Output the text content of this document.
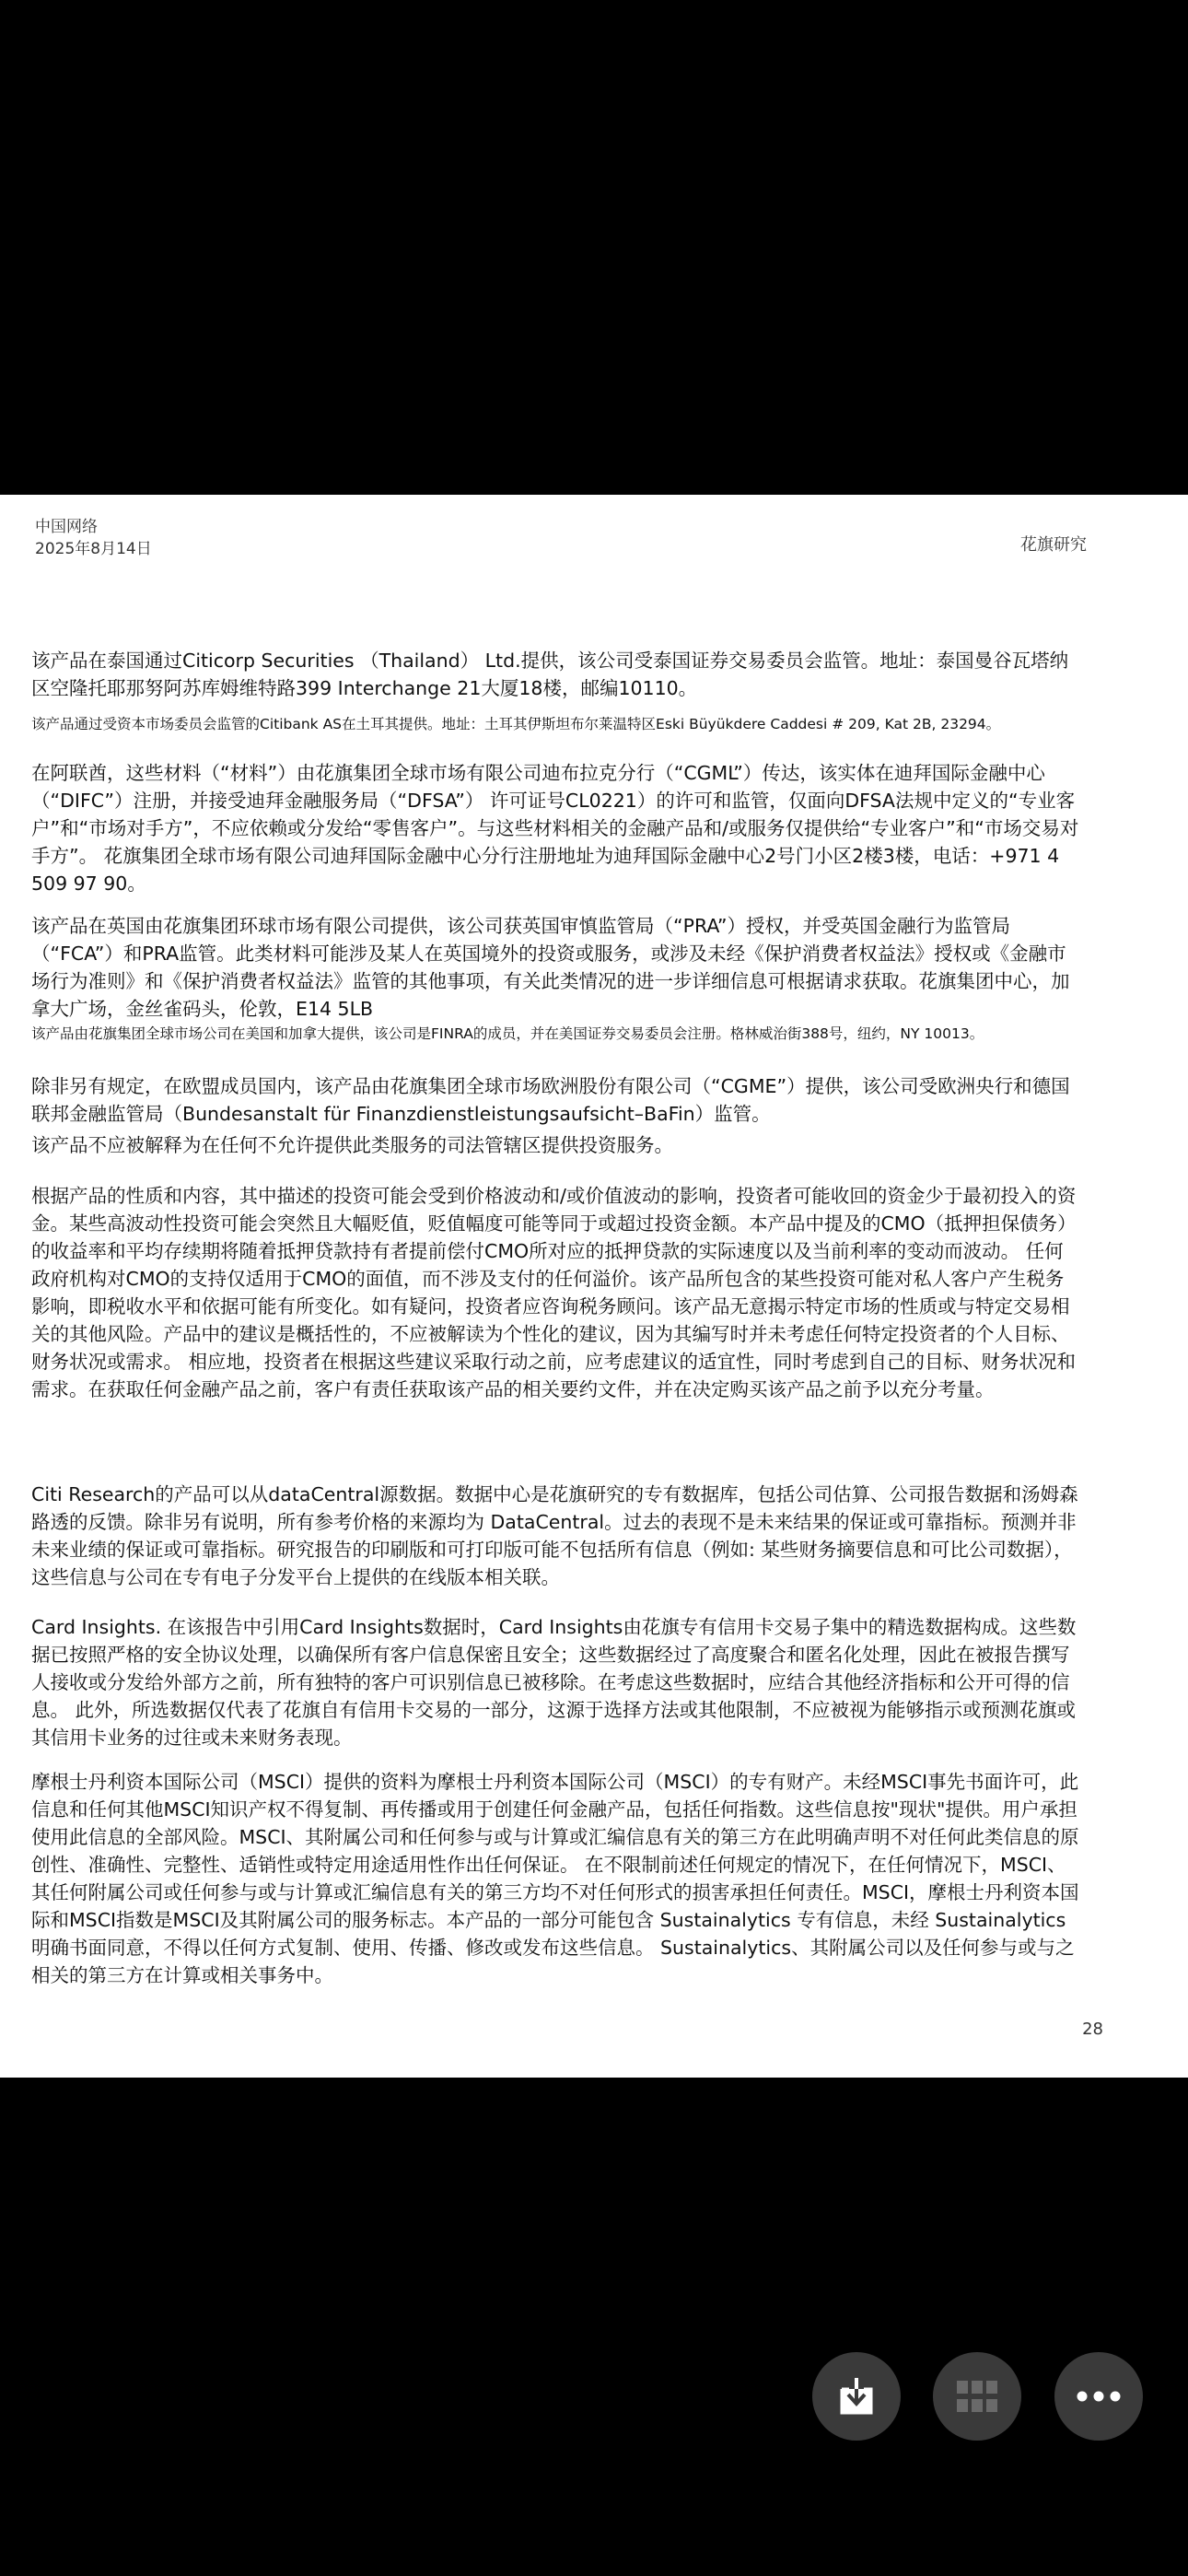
中国网络
2025年8月14日	花旗研究

该产品在泰国通过Citicorp Securities （Thailand） Ltd.提供，该公司受泰国证券交易委员会监管。地址：泰国曼谷瓦塔纳区空隆托耶那努阿苏库姆维特路399 Interchange 21大厦18楼，邮编10110。

该产品通过受资本市场委员会监管的Citibank AS在土耳其提供。地址：土耳其伊斯坦布尔莱温特区Eski Büyükdere Caddesi # 209, Kat 2B, 23294。

在阿联酋，这些材料（“材料”）由花旗集团全球市场有限公司迪布拉克分行（“CGML”）传达，该实体在迪拜国际金融中心（“DIFC”）注册，并接受迪拜金融服务局（“DFSA”） 许可证号CL0221）的许可和监管，仅面向DFSA法规中定义的“专业客户”和“市场对手方”，不应依赖或分发给“零售客户”。与这些材料相关的金融产品和/或服务仅提供给“专业客户”和“市场交易对手方”。 花旗集团全球市场有限公司迪拜国际金融中心分行注册地址为迪拜国际金融中心2号门小区2楼3楼，电话：+971 4 509 97 90。

该产品在英国由花旗集团环球市场有限公司提供，该公司获英国审慎监管局（“PRA”）授权，并受英国金融行为监管局（“FCA”）和PRA监管。此类材料可能涉及某人在英国境外的投资或服务，或涉及未经《保护消费者权益法》授权或《金融市场行为准则》和《保护消费者权益法》监管的其他事项，有关此类情况的进一步详细信息可根据请求获取。花旗集团中心，加拿大广场，金丝雀码头，伦敦，E14 5LB

该产品由花旗集团全球市场公司在美国和加拿大提供，该公司是FINRA的成员，并在美国证券交易委员会注册。格林威治街388号，纽约，NY 10013。

除非另有规定，在欧盟成员国内，该产品由花旗集团全球市场欧洲股份有限公司（“CGME”）提供，该公司受欧洲央行和德国联邦金融监管局（Bundesanstalt für Finanzdienstleistungsaufsicht–BaFin）监管。

该产品不应被解释为在任何不允许提供此类服务的司法管辖区提供投资服务。

根据产品的性质和内容，其中描述的投资可能会受到价格波动和/或价值波动的影响，投资者可能收回的资金少于最初投入的资金。某些高波动性投资可能会突然且大幅贬值，贬值幅度可能等同于或超过投资金额。本产品中提及的CMO（抵押担保债务）的收益率和平均存续期将随着抵押贷款持有者提前偿付CMO所对应的抵押贷款的实际速度以及当前利率的变动而波动。 任何政府机构对CMO的支持仅适用于CMO的面值，而不涉及支付的任何溢价。该产品所包含的某些投资可能对私人客户产生税务影响，即税收水平和依据可能有所变化。如有疑问，投资者应咨询税务顾问。该产品无意揭示特定市场的性质或与特定交易相关的其他风险。产品中的建议是概括性的，不应被解读为个性化的建议，因为其编写时并未考虑任何特定投资者的个人目标、财务状况或需求。 相应地，投资者在根据这些建议采取行动之前，应考虑建议的适宜性，同时考虑到自己的目标、财务状况和需求。在获取任何金融产品之前，客户有责任获取该产品的相关要约文件，并在决定购买该产品之前予以充分考量。

Citi Research的产品可以从dataCentral源数据。数据中心是花旗研究的专有数据库，包括公司估算、公司报告数据和汤姆森路透的反馈。除非另有说明，所有参考价格的来源均为 DataCentral。过去的表现不是未来结果的保证或可靠指标。预测并非未来业绩的保证或可靠指标。研究报告的印刷版和可打印版可能不包括所有信息（例如: 某些财务摘要信息和可比公司数据），这些信息与公司在专有电子分发平台上提供的在线版本相关联。

Card Insights. 在该报告中引用Card Insights数据时，Card Insights由花旗专有信用卡交易子集中的精选数据构成。这些数据已按照严格的安全协议处理，以确保所有客户信息保密且安全；这些数据经过了高度聚合和匿名化处理，因此在被报告撰写人接收或分发给外部方之前，所有独特的客户可识别信息已被移除。在考虑这些数据时，应结合其他经济指标和公开可得的信息。 此外，所选数据仅代表了花旗自有信用卡交易的一部分，这源于选择方法或其他限制，不应被视为能够指示或预测花旗或其信用卡业务的过往或未来财务表现。

摩根士丹利资本国际公司（MSCI）提供的资料为摩根士丹利资本国际公司（MSCI）的专有财产。未经MSCI事先书面许可，此信息和任何其他MSCI知识产权不得复制、再传播或用于创建任何金融产品，包括任何指数。这些信息按"现状"提供。用户承担使用此信息的全部风险。MSCI、其附属公司和任何参与或与计算或汇编信息有关的第三方在此明确声明不对任何此类信息的原创性、准确性、完整性、适销性或特定用途适用性作出任何保证。 在不限制前述任何规定的情况下，在任何情况下，MSCI、其任何附属公司或任何参与或与计算或汇编信息有关的第三方均不对任何形式的损害承担任何责任。MSCI，摩根士丹利资本国际和MSCI指数是MSCI及其附属公司的服务标志。本产品的一部分可能包含 Sustainalytics 专有信息，未经 Sustainalytics 明确书面同意，不得以任何方式复制、使用、传播、修改或发布这些信息。 Sustainalytics、其附属公司以及任何参与或与之相关的第三方在计算或相关事务中。

28
